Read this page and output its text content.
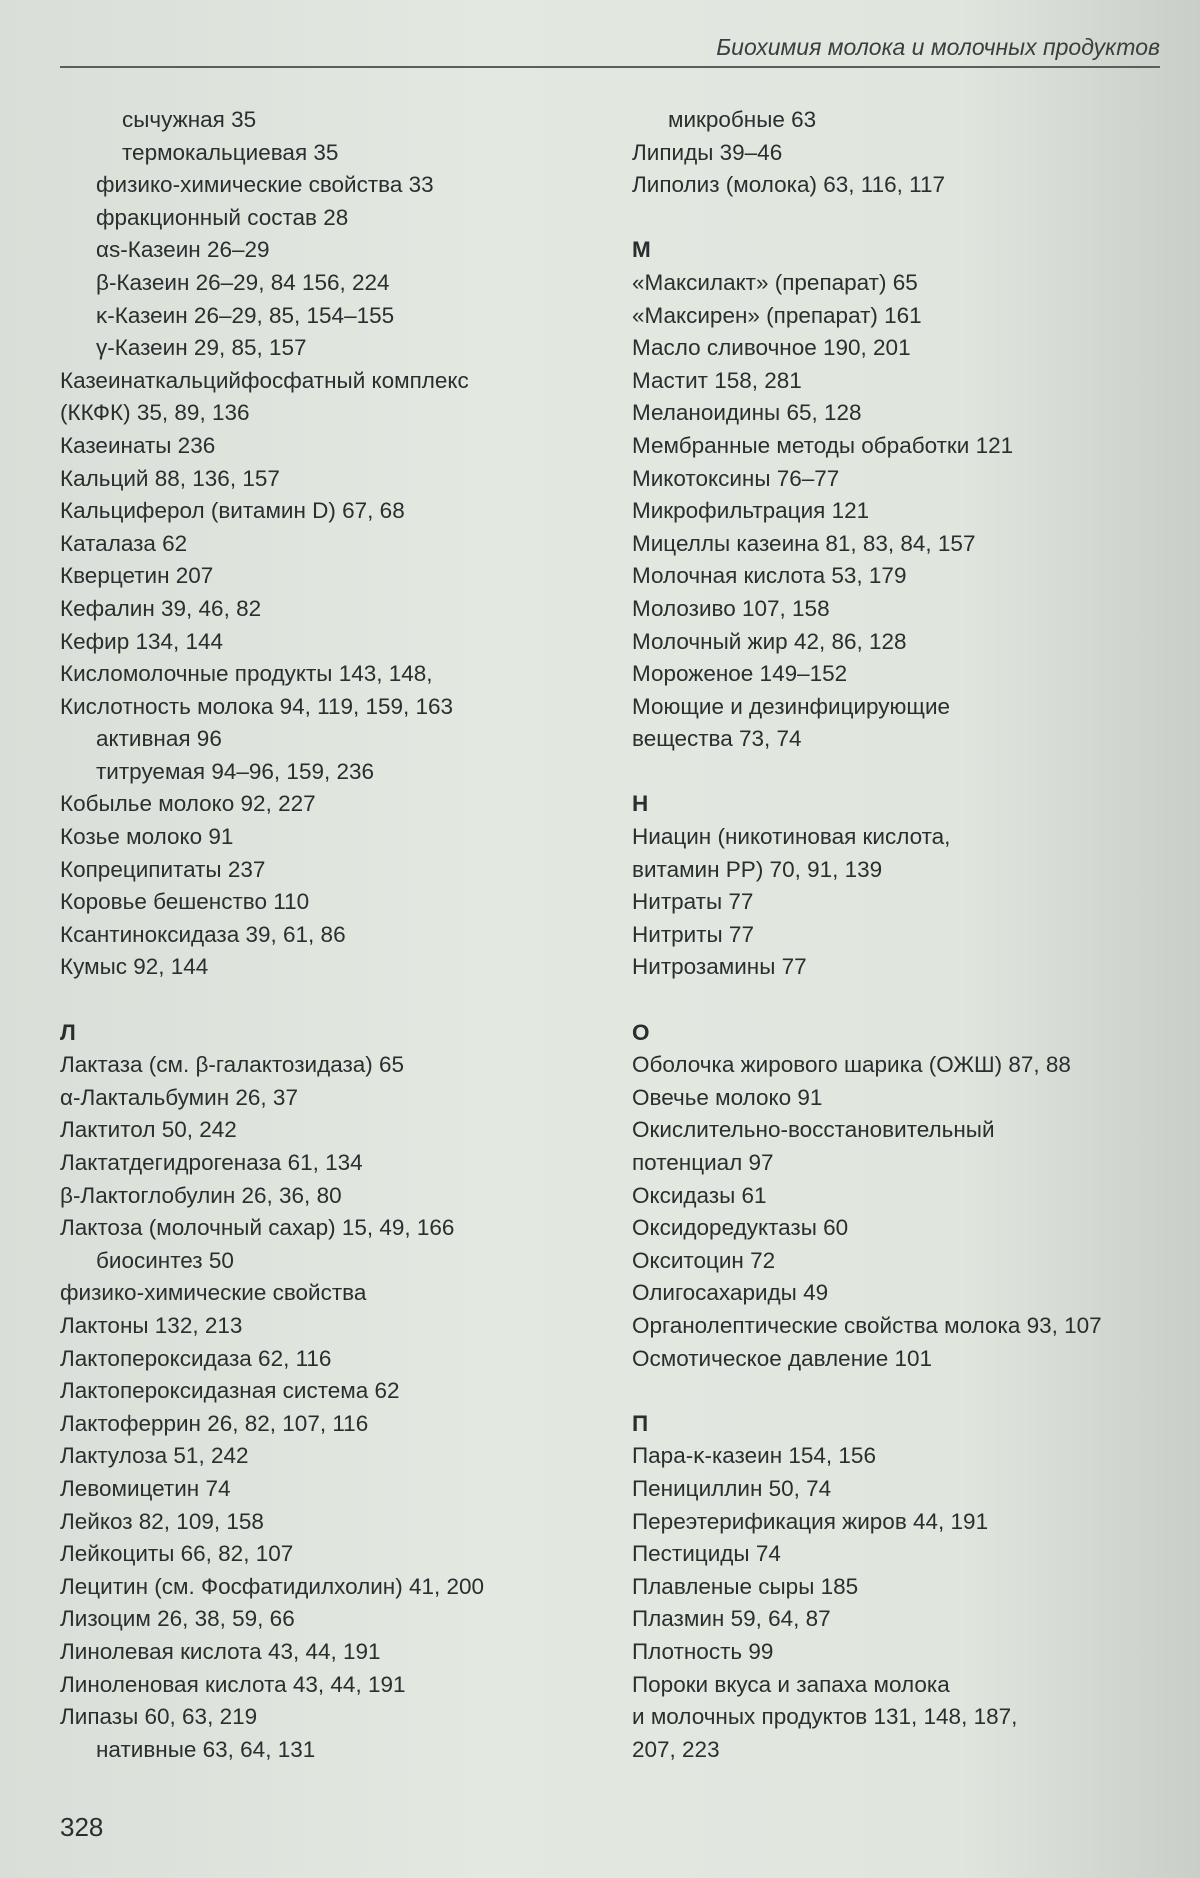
Биохимия молока и молочных продуктов
сычужная 35
термокальциевая 35
физико-химические свойства 33
фракционный состав 28
αs-Казеин 26–29
β-Казеин 26–29, 84 156, 224
κ-Казеин 26–29, 85, 154–155
γ-Казеин 29, 85, 157
Казеинаткальцийфосфатный комплекс
(ККФК) 35, 89, 136
Казеинаты 236
Кальций 88, 136, 157
Кальциферол (витамин D) 67, 68
Каталаза 62
Кверцетин 207
Кефалин 39, 46, 82
Кефир 134, 144
Кисломолочные продукты 143, 148,
Кислотность молока 94, 119, 159, 163
активная 96
титруемая 94–96, 159, 236
Кобылье молоко 92, 227
Козье молоко 91
Копреципитаты 237
Коровье бешенство 110
Ксантиноксидаза 39, 61, 86
Кумыс 92, 144
Л
Лактаза (см. β-галактозидаза) 65
α-Лактальбумин 26, 37
Лактитол 50, 242
Лактатдегидрогеназа 61, 134
β-Лактоглобулин 26, 36, 80
Лактоза (молочный сахар) 15, 49, 166
биосинтез 50
физико-химические свойства
Лактоны 132, 213
Лактопероксидаза 62, 116
Лактопероксидазная система 62
Лактоферрин 26, 82, 107, 116
Лактулоза 51, 242
Левомицетин 74
Лейкоз 82, 109, 158
Лейкоциты 66, 82, 107
Лецитин (см. Фосфатидилхолин) 41, 200
Лизоцим 26, 38, 59, 66
Линолевая кислота 43, 44, 191
Линоленовая кислота 43, 44, 191
Липазы 60, 63, 219
нативные 63, 64, 131
микробные 63
Липиды 39–46
Липолиз (молока) 63, 116, 117
М
«Максилакт» (препарат) 65
«Максирен» (препарат) 161
Масло сливочное 190, 201
Мастит 158, 281
Меланоидины 65, 128
Мембранные методы обработки 121
Микотоксины 76–77
Микрофильтрация 121
Мицеллы казеина 81, 83, 84, 157
Молочная кислота 53, 179
Молозиво 107, 158
Молочный жир 42, 86, 128
Мороженое 149–152
Моющие и дезинфицирующие
вещества 73, 74
Н
Ниацин (никотиновая кислота,
витамин PP) 70, 91, 139
Нитраты 77
Нитриты 77
Нитрозамины 77
О
Оболочка жирового шарика (ОЖШ) 87, 88
Овечье молоко 91
Окислительно-восстановительный
потенциал 97
Оксидазы 61
Оксидоредуктазы 60
Окситоцин 72
Олигосахариды 49
Органолептические свойства молока 93, 107
Осмотическое давление 101
П
Пара-κ-казеин 154, 156
Пенициллин 50, 74
Переэтерификация жиров 44, 191
Пестициды 74
Плавленые сыры 185
Плазмин 59, 64, 87
Плотность 99
Пороки вкуса и запаха молока
и молочных продуктов 131, 148, 187,
207, 223
328
